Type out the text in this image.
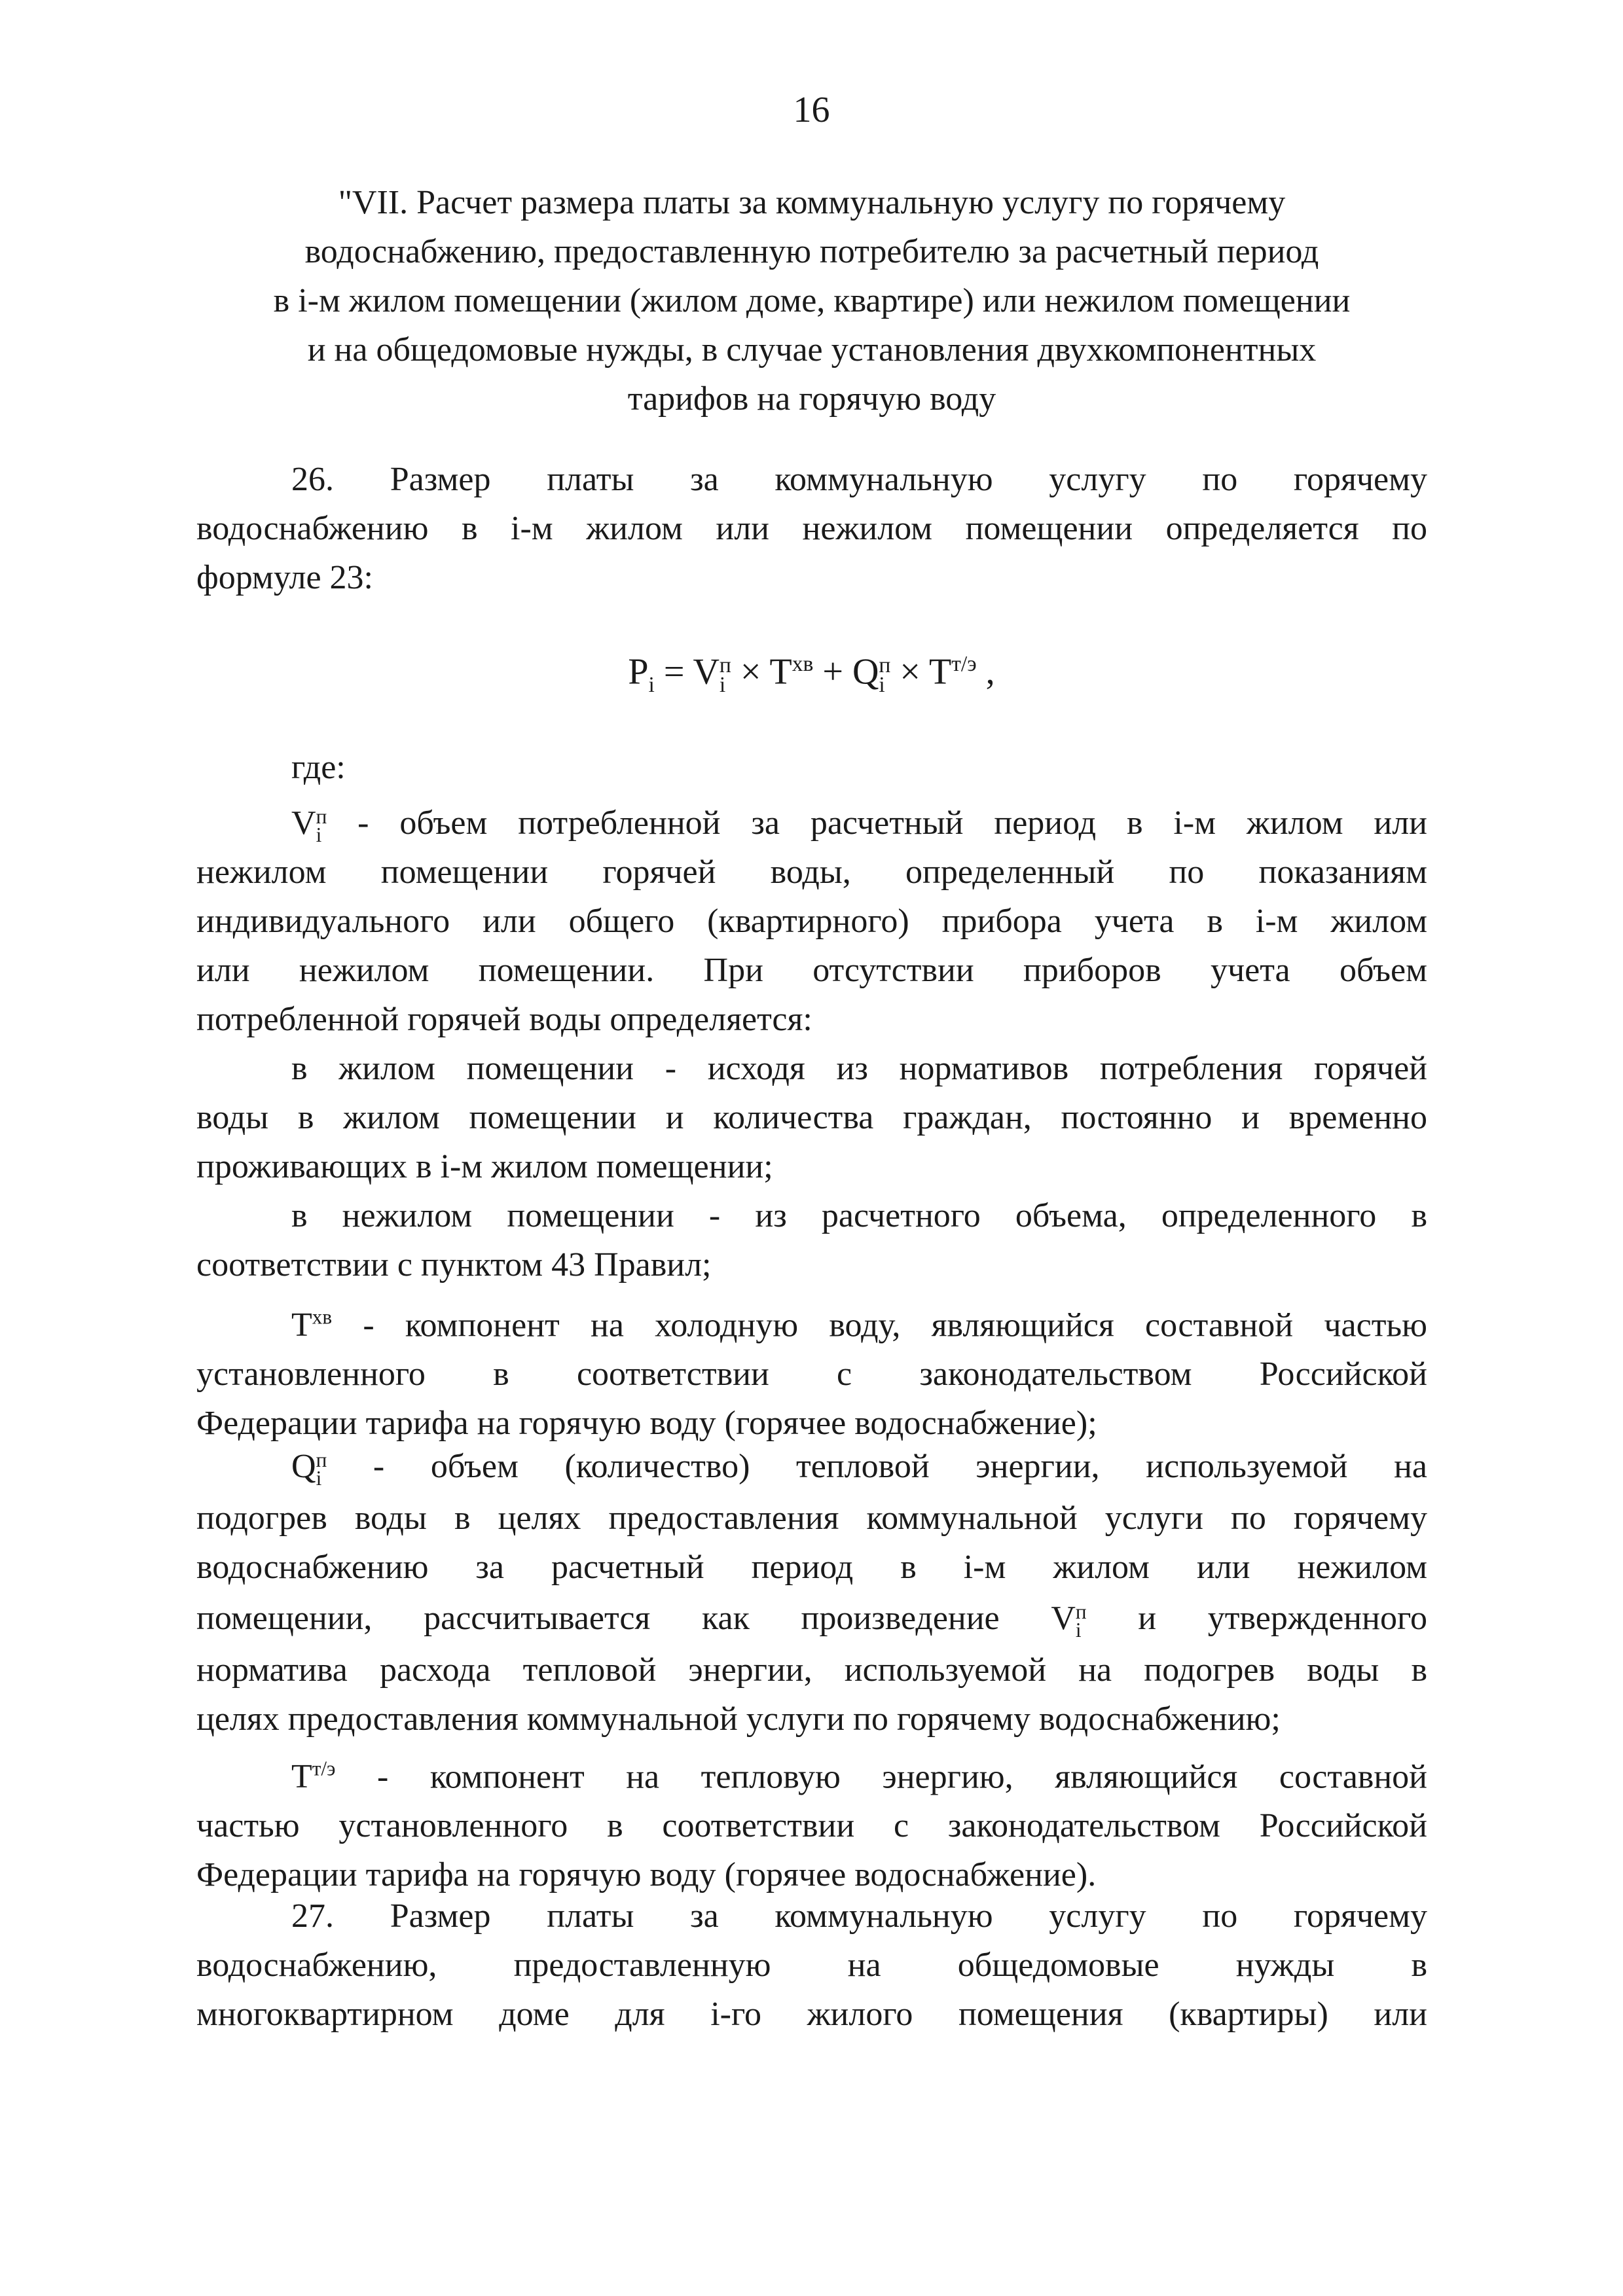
16
"VII. Расчет размера платы за коммунальную услугу по горячему
водоснабжению, предоставленную потребителю за расчетный период
в i-м жилом помещении (жилом доме, квартире) или нежилом помещении
и на общедомовые нужды, в случае установления двухкомпонентных
тарифов на горячую воду

26. Размер платы за коммунальную услугу по горячему

водоснабжению в i-м жилом или нежилом помещении определяется по

формуле 23:

$P_i = V$ п
$i \times T^{хв} + Q$ п
$i \times T^{т/э}$ ,

где:

V п
i - объем потребленной за расчетный период в i-м жилом или

нежилом помещении горячей воды, определенный по показаниям

индивидуального или общего (квартирного) прибора учета в i-м жилом

или нежилом помещении. При отсутствии приборов учета объем

потребленной горячей воды определяется:

в жилом помещении - исходя из нормативов потребления горячей

воды в жилом помещении и количества граждан, постоянно и временно

проживающих в i-м жилом помещении;

в нежилом помещении - из расчетного объема, определенного в

соответствии с пунктом 43 Правил;

$T^{хв}$ - компонент на холодную воду, являющийся составной частью

установленного в соответствии с законодательством Российской

Федерации тарифа на горячую воду (горячее водоснабжение);

Q п
i - объем (количество) тепловой энергии, используемой на

подогрев воды в целях предоставления коммунальной услуги по горячему

водоснабжению за расчетный период в i-м жилом или нежилом

помещении, рассчитывается как произведение V п
i и утвержденного

норматива расхода тепловой энергии, используемой на подогрев воды в

целях предоставления коммунальной услуги по горячему водоснабжению;

$T^{т/э}$ - компонент на тепловую энергию, являющийся составной

частью установленного в соответствии с законодательством Российской

Федерации тарифа на горячую воду (горячее водоснабжение).

27. Размер платы за коммунальную услугу по горячему

водоснабжению, предоставленную на общедомовые нужды в

многоквартирном доме для i-го жилого помещения (квартиры) или
